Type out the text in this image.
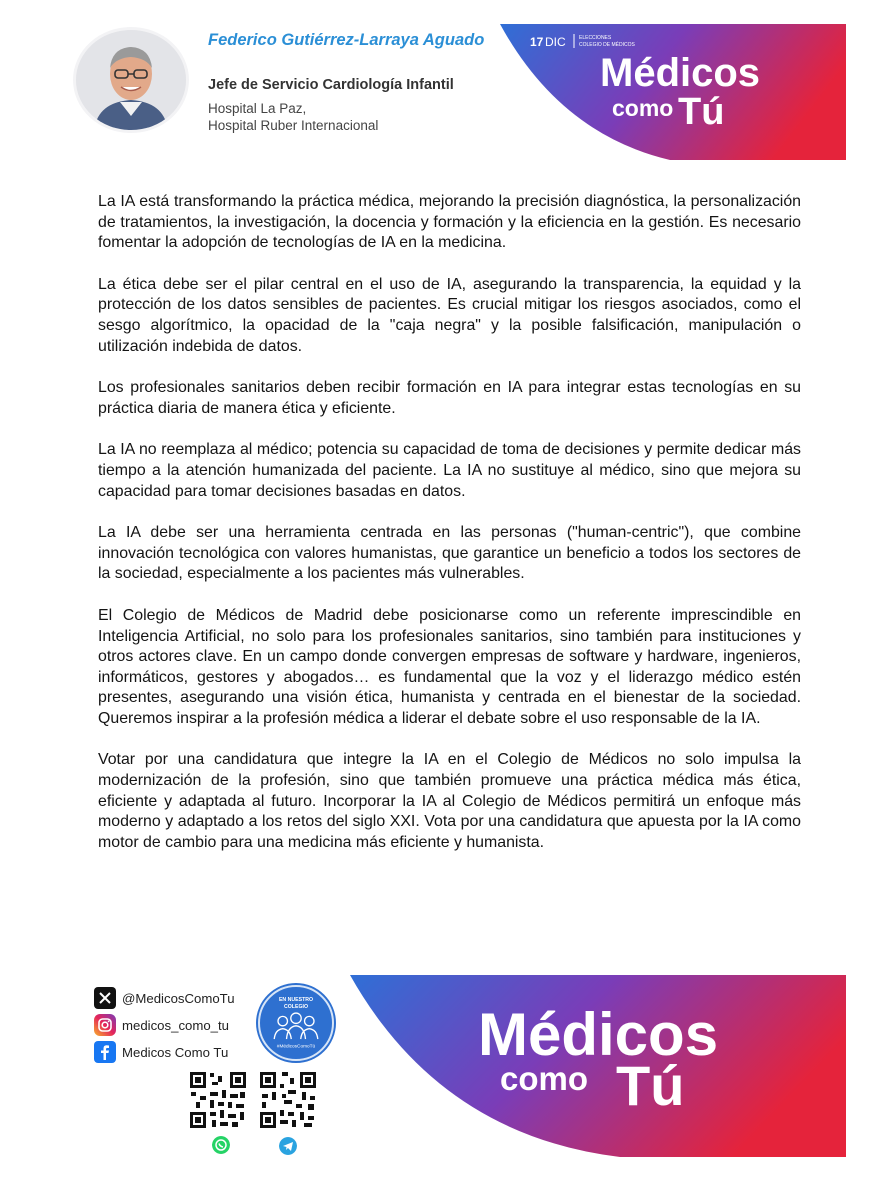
Federico Gutiérrez-Larraya Aguado
Jefe de Servicio Cardiología Infantil
Hospital La Paz,
Hospital Ruber Internacional
17 DIC	ELECCIONES
COLEGIO DE MÉDICOS
Médicos
como Tú

La IA está transformando la práctica médica, mejorando la precisión diagnóstica, la personalización de tratamientos, la investigación, la docencia y formación y la eficiencia en la gestión. Es necesario fomentar la adopción de tecnologías de IA en la medicina.

La ética debe ser el pilar central en el uso de IA, asegurando la transparencia, la equidad y la protección de los datos sensibles de pacientes. Es crucial mitigar los riesgos asociados, como el sesgo algorítmico, la opacidad de la "caja negra" y la posible falsificación, manipulación o utilización indebida de datos.

Los profesionales sanitarios deben recibir formación en IA para integrar estas tecnologías en su práctica diaria de manera ética y eficiente.

La IA no reemplaza al médico; potencia su capacidad de toma de decisiones y permite dedicar más tiempo a la atención humanizada del paciente. La IA no sustituye al médico, sino que mejora su capacidad para tomar decisiones basadas en datos.

La IA debe ser una herramienta centrada en las personas ("human-centric"), que combine innovación tecnológica con valores humanistas, que garantice un beneficio a todos los sectores de la sociedad, especialmente a los pacientes más vulnerables.

El Colegio de Médicos de Madrid debe posicionarse como un referente imprescindible en Inteligencia Artificial, no solo para los profesionales sanitarios, sino también para instituciones y otros actores clave. En un campo donde convergen empresas de software y hardware, ingenieros, informáticos, gestores y abogados… es fundamental que la voz y el liderazgo médico estén presentes, asegurando una visión ética, humanista y centrada en el bienestar de la sociedad. Queremos inspirar a la profesión médica a liderar el debate sobre el uso responsable de la IA.

Votar por una candidatura que integre la IA en el Colegio de Médicos no solo impulsa la modernización de la profesión, sino que también promueve una práctica médica más ética, eficiente y adaptada al futuro. Incorporar la IA al Colegio de Médicos permitirá un enfoque más moderno y adaptado a los retos del siglo XXI. Vota por una candidatura que apuesta por la IA como motor de cambio para una medicina más eficiente y humanista.

@MedicosComoTu
medicos_como_tu
Medicos Como Tu
EN NUESTRO
COLEGIO
#MédicosComoTú	Médicos
como Tú
